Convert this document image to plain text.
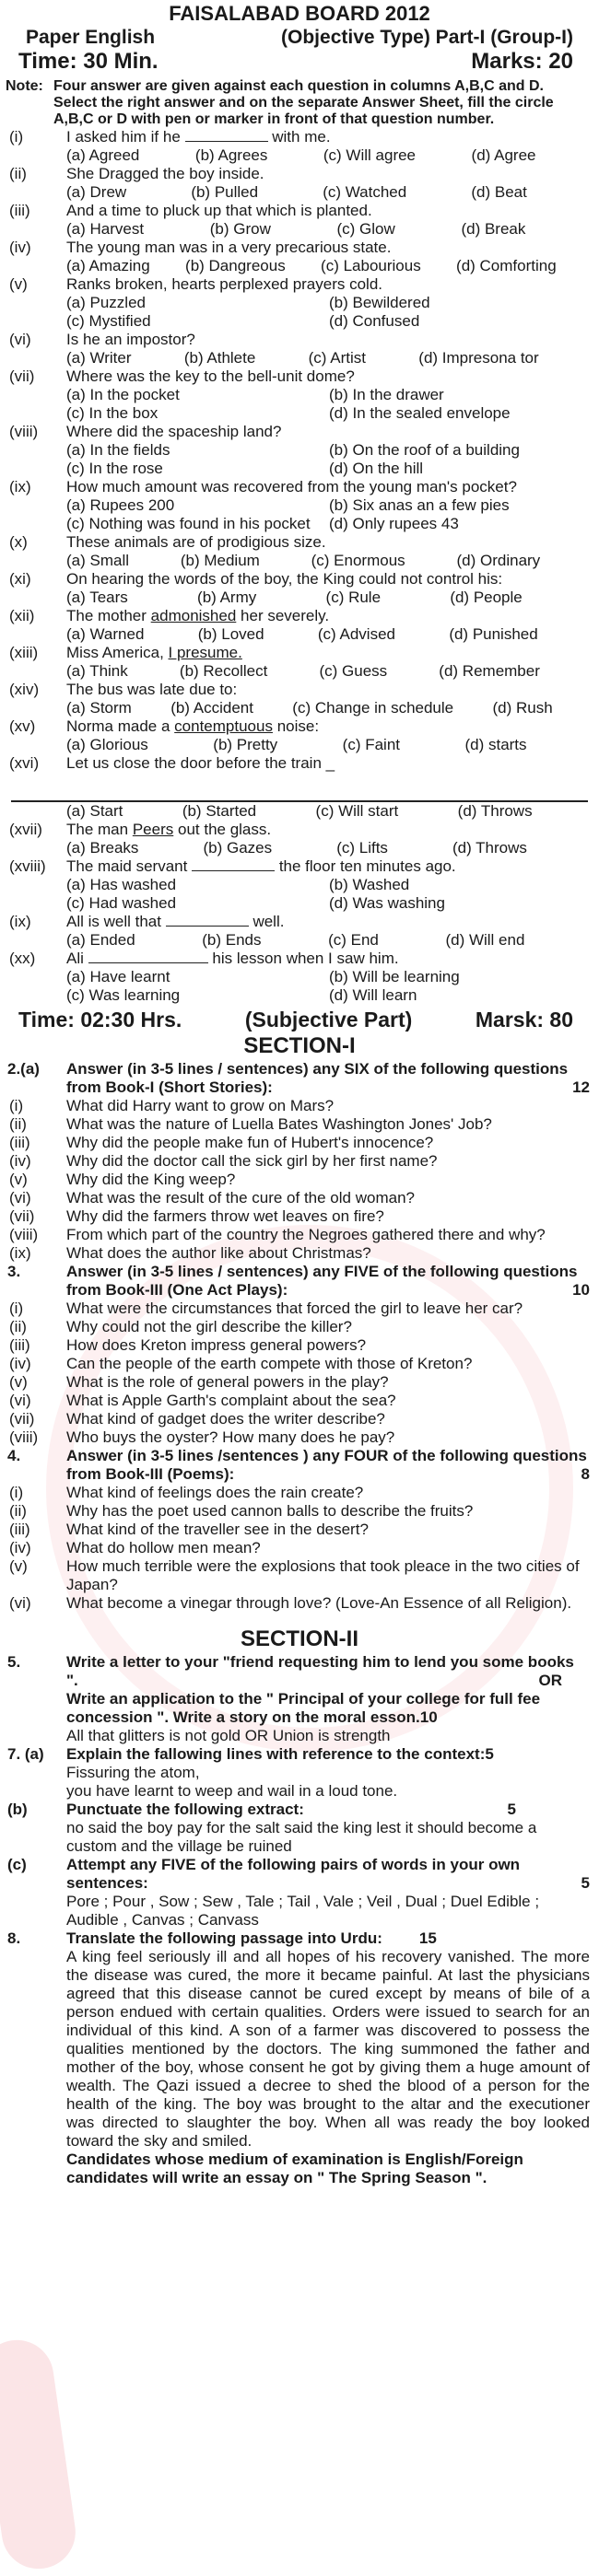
FAISALABAD BOARD 2012
Paper English	(Objective Type) Part-I (Group-I)
Time: 30 Min.	Marks: 20
Note: Four answer are given against each question in columns A,B,C and D. Select the right answer and on the separate Answer Sheet, fill the circle A,B,C or D with pen or marker in front of that question number.
(i)	I asked him if he	with me.
(a) Agreed	(b) Agrees	(c) Will agree	(d) Agree
(ii)	She Dragged the boy inside.
(a) Drew	(b) Pulled	(c) Watched	(d) Beat
(iii)	And a time to pluck up that which is planted.
(a) Harvest	(b) Grow	(c) Glow	(d) Break
(iv)	The young man was in a very precarious state.
(a) Amazing	(b) Dangreous	(c) Labourious	(d) Comforting
(v)	Ranks broken, hearts perplexed prayers cold.
(a) Puzzled	(b) Bewildered
(c) Mystified	(d) Confused
(vi)	Is he an impostor?
(a) Writer	(b) Athlete	(c) Artist	(d) Impresona tor
(vii)	Where was the key to the bell-unit dome?
(a) In the pocket	(b) In the drawer
(c) In the box	(d) In the sealed envelope
(viii)	Where did the spaceship land?
(a) In the fields	(b) On the roof of a building
(c) In the rose	(d) On the hill
(ix)	How much amount was recovered from the young man's pocket?
(a) Rupees 200	(b) Six anas an a few pies
(c) Nothing was found in his pocket	(d) Only rupees 43
(x)	These animals are of prodigious size.
(a) Small	(b) Medium	(c) Enormous	(d) Ordinary
(xi)	On hearing the words of the boy, the King could not control his:
(a) Tears	(b) Army	(c) Rule	(d) People
(xii)	The mother admonished her severely.
(a) Warned	(b) Loved	(c) Advised	(d) Punished
(xiii)	Miss America, I presume.
(a) Think	(b) Recollect	(c) Guess	(d) Remember
(xiv)	The bus was late due to:
(a) Storm	(b) Accident	(c) Change in schedule	(d) Rush
(xv)	Norma made a contemptuous noise:
(a) Glorious	(b) Pretty	(c) Faint	(d) starts
(xvi)	Let us close the door before the train _
(a) Start	(b) Started	(c) Will start	(d) Throws
(xvii)	The man Peers out the glass.
(a) Breaks	(b) Gazes	(c) Lifts	(d) Throws
(xviii)	The maid servant	the floor ten minutes ago.
(a) Has washed	(b) Washed
(c) Had washed	(d) Was washing
(ix)	All is well that	well.
(a) Ended	(b) Ends	(c) End	(d) Will end
(xx)	Ali	his lesson when I saw him.
(a) Have learnt	(b) Will be learning
(c) Was learning	(d) Will learn
Time: 02:30 Hrs.	(Subjective Part)	Marsk: 80
SECTION-I
2.(a)	Answer (in 3-5 lines / sentences) any SIX of the following questions from Book-I (Short Stories):	12
(i)	What did Harry want to grow on Mars?
(ii)	What was the nature of Luella Bates Washington Jones' Job?
(iii)	Why did the people make fun of Hubert's innocence?
(iv)	Why did the doctor call the sick girl by her first name?
(v)	Why did the King weep?
(vi)	What was the result of the cure of the old woman?
(vii)	Why did the farmers throw wet leaves on fire?
(viii)	From which part of the country the Negroes gathered there and why?
(ix)	What does the author like about Christmas?
3.	Answer (in 3-5 lines / sentences) any FIVE of the following questions from Book-III (One Act Plays):	10
(i)	What were the circumstances that forced the girl to leave her car?
(ii)	Why could not the girl describe the killer?
(iii)	How does Kreton impress general powers?
(iv)	Can the people of the earth compete with those of Kreton?
(v)	What is the role of general powers in the play?
(vi)	What is Apple Garth's complaint about the sea?
(vii)	What kind of gadget does the writer describe?
(viii)	Who buys the oyster? How many does he pay?
4.	Answer (in 3-5 lines /sentences ) any FOUR of the following questions from Book-III (Poems):	8
(i)	What kind of feelings does the rain create?
(ii)	Why has the poet used cannon balls to describe the fruits?
(iii)	What kind of the traveller see in the desert?
(iv)	What do hollow men mean?
(v)	How much terrible were the explosions that took pleace in the two cities of Japan?
(vi)	What become a vinegar through love? (Love-An Essence of all Religion).
SECTION-II
5.	Write a letter to your "friend requesting him to lend you some books ".	OR
Write an application to the " Principal of your college for full fee concession ". Write a story on the moral esson.10
All that glitters is not gold OR Union is strength
7. (a)	Explain the fallowing lines with reference to the context:5
Fissuring the atom,
you have learnt to weep and wail in a loud tone.
(b)	Punctuate the following extract:	5
no said the boy pay for the salt said the king lest it should become a custom and the village be ruined
(c)	Attempt any FIVE of the following pairs of words in your own sentences:	5
Pore ; Pour , Sow ; Sew , Tale ; Tail , Vale ; Veil , Dual ; Duel Edible ; Audible , Canvas ; Canvass
8.	Translate the following passage into Urdu: 15
A king feel seriously ill and all hopes of his recovery vanished. The more the disease was cured, the more it became painful. At last the physicians agreed that this disease cannot be cured except by means of bile of a person endued with certain qualities. Orders were issued to search for an individual of this kind. A son of a farmer was discovered to possess the qualities mentioned by the doctors. The king summoned the father and mother of the boy, whose consent he got by giving them a huge amount of wealth. The Qazi issued a decree to shed the blood of a person for the health of the king. The boy was brought to the altar and the executioner was directed to slaughter the boy. When all was ready the boy looked toward the sky and smiled.
Candidates whose medium of examination is English/Foreign candidates will write an essay on " The Spring Season ".
